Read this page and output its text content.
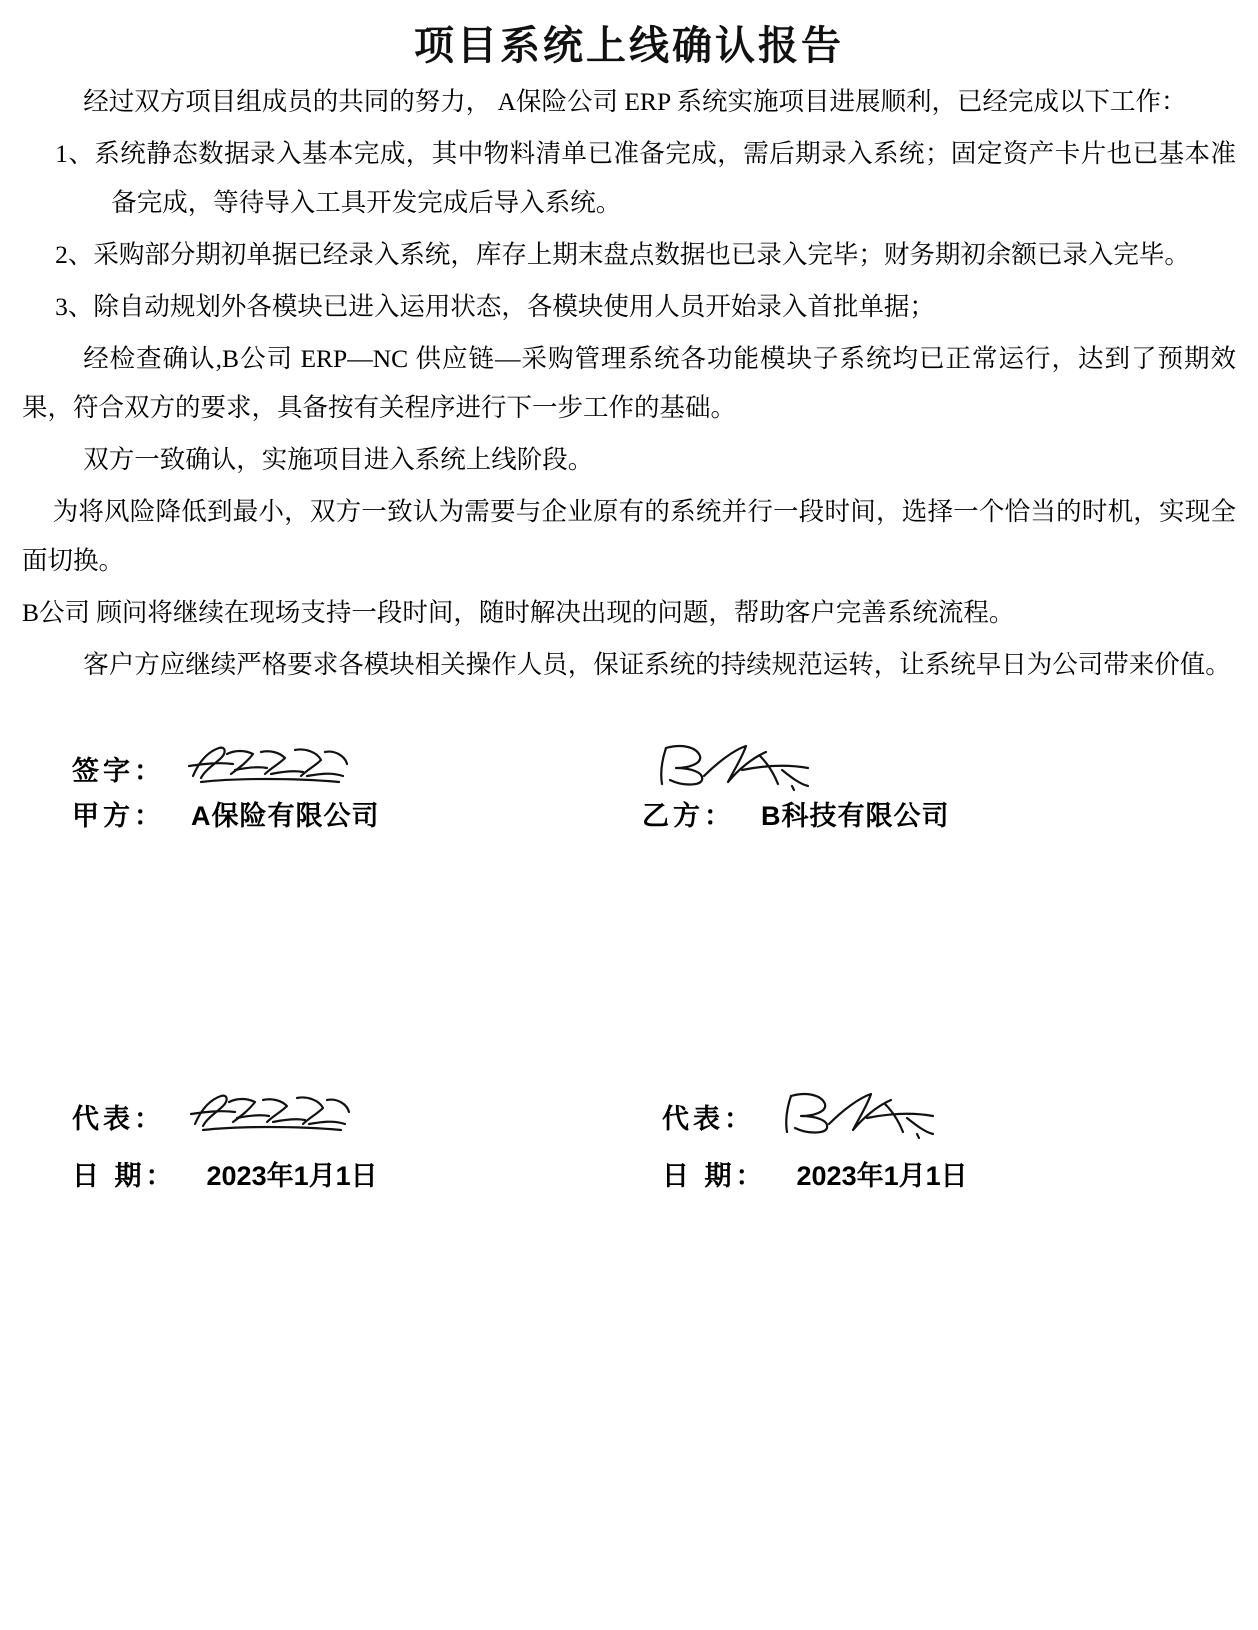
项目系统上线确认报告

经过双方项目组成员的共同的努力， A保险公司 ERP 系统实施项目进展顺利，已经完成以下工作：

1、系统静态数据录入基本完成，其中物料清单已准备完成，需后期录入系统；固定资产卡片也已基本准备完成，等待导入工具开发完成后导入系统。

2、采购部分期初单据已经录入系统，库存上期末盘点数据也已录入完毕；财务期初余额已录入完毕。

3、除自动规划外各模块已进入运用状态，各模块使用人员开始录入首批单据；

经检查确认,B公司 ERP—NC 供应链—采购管理系统各功能模块子系统均已正常运行，达到了预期效果，符合双方的要求，具备按有关程序进行下一步工作的基础。

双方一致确认，实施项目进入系统上线阶段。

为将风险降低到最小，双方一致认为需要与企业原有的系统并行一段时间，选择一个恰当的时机，实现全面切换。

B公司 顾问将继续在现场支持一段时间，随时解决出现的问题，帮助客户完善系统流程。

客户方应继续严格要求各模块相关操作人员，保证系统的持续规范运转，让系统早日为公司带来价值。

签字：
甲方： A保险有限公司	乙方： B科技有限公司
代表：
日 期： 2023年1月1日
代表：
日 期： 2023年1月1日
